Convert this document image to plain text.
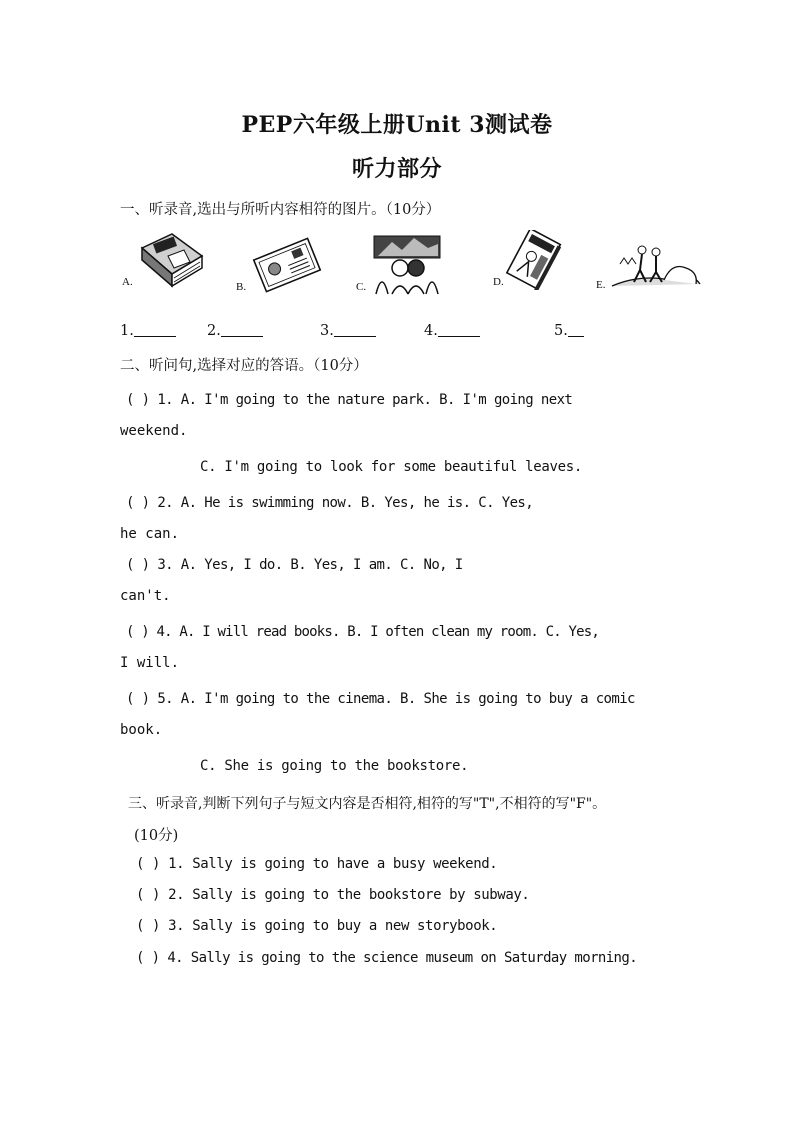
PEP六年级上册Unit 3测试卷
听力部分
一、听录音,选出与所听内容相符的图片。（10分）
A.	B.	C.	D.	E.
1.	2.	3.	4.	5.
二、听问句,选择对应的答语。（10分）
( ) 1. A. I'm going to the nature park. B. I'm going next
weekend.
C. I'm going to look for some beautiful leaves.
( ) 2. A. He is swimming now. B. Yes, he is. C. Yes,
he can.
( ) 3. A. Yes, I do. B. Yes, I am. C. No, I
can't.
( ) 4. A. I will read books. B. I often clean my room. C. Yes,
I will.
( ) 5. A. I'm going to the cinema. B. She is going to buy a comic
book.
C. She is going to the bookstore.
三、听录音,判断下列句子与短文内容是否相符,相符的写"T",不相符的写"F"。
(10分)
( ) 1. Sally is going to have a busy weekend.
( ) 2. Sally is going to the bookstore by subway.
( ) 3. Sally is going to buy a new storybook.
( ) 4. Sally is going to the science museum on Saturday morning.
